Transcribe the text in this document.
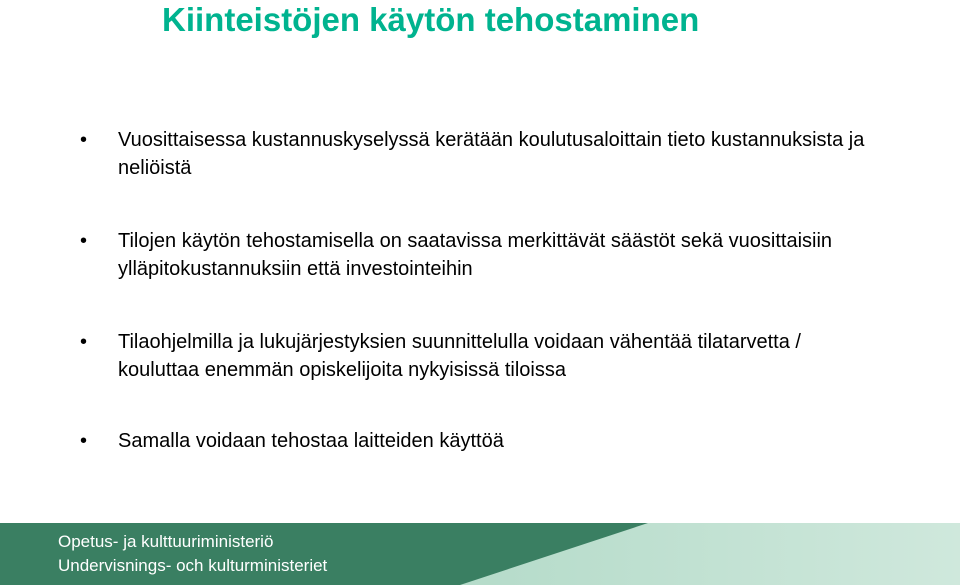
Kiinteistöjen käytön tehostaminen
•	Vuosittaisessa kustannuskyselyssä kerätään koulutusaloittain tieto kustannuksista ja neliöistä
•	Tilojen käytön tehostamisella on saatavissa merkittävät säästöt sekä vuosittaisiin ylläpitokustannuksiin että investointeihin
•	Tilaohjelmilla ja lukujärjestyksien suunnittelulla voidaan vähentää tilatarvetta / kouluttaa enemmän opiskelijoita nykyisissä tiloissa
•	Samalla voidaan tehostaa laitteiden käyttöä
Opetus- ja kulttuuriministeriö
Undervisnings- och kulturministeriet
